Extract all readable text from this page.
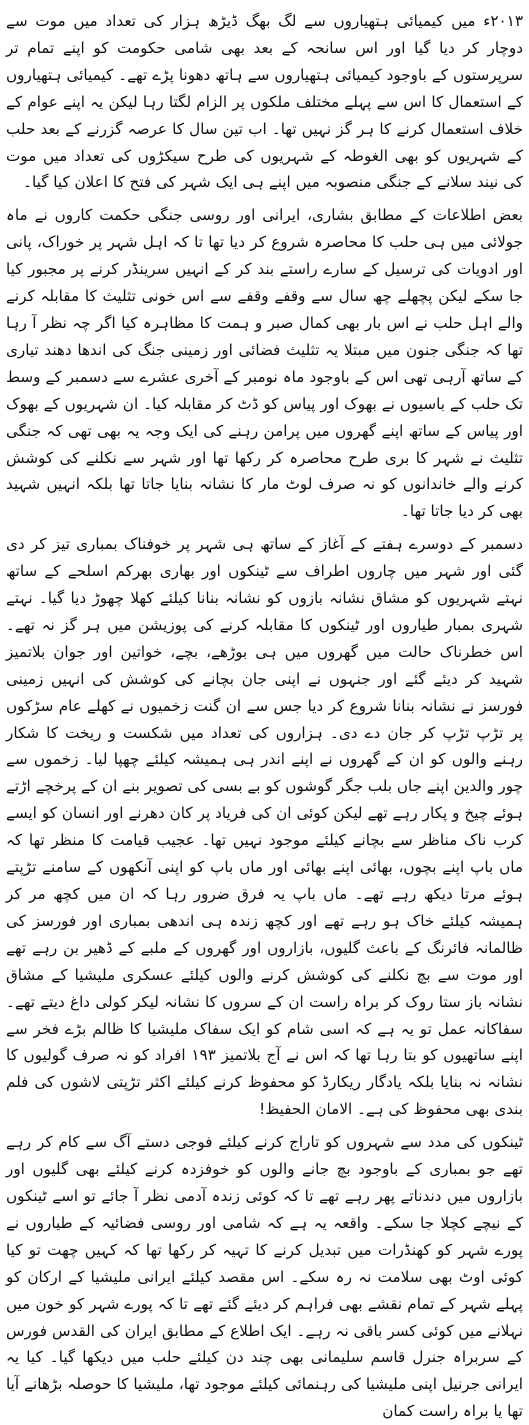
۲۰۱۳ء میں کیمیائی ہتھیاروں سے لگ بھگ ڈیڑھ ہزار کی تعداد میں موت سے دوچار کر دیا گیا اور اس سانحہ کے بعد بھی شامی حکومت کو اپنے تمام تر سرپرستوں کے باوجود کیمیائی ہتھیاروں سے ہاتھ دھونا پڑے تھے۔ کیمیائی ہتھیاروں کے استعمال کا اس سے پہلے مختلف ملکوں پر الزام لگتا رہا لیکن یہ اپنے عوام کے خلاف استعمال کرنے کا ہر گز نہیں تھا۔ اب تین سال کا عرصہ گزرنے کے بعد حلب کے شہریوں کو بھی الغوطہ کے شہریوں کی طرح سیکڑوں کی تعداد میں موت کی نیند سلانے کے جنگی منصوبہ میں اپنے ہی ایک شہر کی فتح کا اعلان کیا گیا۔

بعض اطلاعات کے مطابق بشاری، ایرانی اور روسی جنگی حکمت کاروں نے ماہ جولائی میں ہی حلب کا محاصرہ شروع کر دیا تھا تا کہ اہل شہر پر خوراک، پانی اور ادویات کی ترسیل کے سارے راستے بند کر کے انہیں سرینڈر کرنے پر مجبور کیا جا سکے لیکن پچھلے چھ سال سے وقفے وقفے سے اس خونی تثلیث کا مقابلہ کرنے والے اہل حلب نے اس بار بھی کمال صبر و ہمت کا مظاہرہ کیا اگر چہ نظر آ رہا تھا کہ جنگی جنون میں مبتلا یہ تثلیث فضائی اور زمینی جنگ کی اندھا دھند تیاری کے ساتھ آرہی تھی اس کے باوجود ماہ نومبر کے آخری عشرے سے دسمبر کے وسط تک حلب کے باسیوں نے بھوک اور پیاس کو ڈٹ کر مقابلہ کیا۔ ان شہریوں کے بھوک اور پیاس کے ساتھ اپنے گھروں میں پرامن رہنے کی ایک وجہ یہ بھی تھی کہ جنگی تثلیث نے شہر کا بری طرح محاصرہ کر رکھا تھا اور شہر سے نکلنے کی کوشش کرنے والے خاندانوں کو نہ صرف لوٹ مار کا نشانہ بنایا جاتا تھا بلکہ انہیں شہید بھی کر دیا جاتا تھا۔

دسمبر کے دوسرے ہفتے کے آغاز کے ساتھ ہی شہر پر خوفناک بمباری تیز کر دی گئی اور شہر میں چاروں اطراف سے ٹینکوں اور بھاری بھرکم اسلحے کے ساتھ نہتے شہریوں کو مشاق نشانہ بازوں کو نشانہ بنانا کیلئے کھلا چھوڑ دیا گیا۔ نہتے شہری بمبار طیاروں اور ٹینکوں کا مقابلہ کرنے کی پوزیشن میں ہر گز نہ تھے۔ اس خطرناک حالت میں گھروں میں ہی بوڑھے، بچے، خواتین اور جوان بلاتمیز شہید کر دیئے گئے اور جنہوں نے اپنی جان بچانے کی کوشش کی انہیں زمینی فورسز نے نشانہ بنانا شروع کر دیا جس سے ان گنت زخمیوں نے کھلے عام سڑکوں پر تڑپ تڑپ کر جان دے دی۔ ہزاروں کی تعداد میں شکست و ریخت کا شکار رہنے والوں کو ان کے گھروں نے اپنے اندر ہی ہمیشہ کیلئے چھپا لیا۔ زخموں سے چور والدین اپنے جاں بلب جگر گوشوں کو بے بسی کی تصویر بنے ان کے پرخچے اڑتے ہوئے چیخ و پکار رہے تھے لیکن کوئی ان کی فریاد پر کان دھرنے اور انسان کو ایسے کرب ناک مناظر سے بچانے کیلئے موجود نہیں تھا۔ عجیب قیامت کا منظر تھا کہ ماں باپ اپنے بچوں، بھائی اپنے بھائی اور ماں باپ کو اپنی آنکھوں کے سامنے تڑپتے ہوئے مرتا دیکھ رہے تھے۔ ماں باپ یہ فرق ضرور رہا کہ ان میں کچھ مر کر ہمیشہ کیلئے خاک ہو رہے تھے اور کچھ زندہ ہی اندھی بمباری اور فورسز کی ظالمانہ فائرنگ کے باعث گلیوں، بازاروں اور گھروں کے ملبے کے ڈھیر بن رہے تھے اور موت سے بچ نکلنے کی کوشش کرنے والوں کیلئے عسکری ملیشیا کے مشاق نشانہ باز ستا روک کر براہ راست ان کے سروں کا نشانہ لیکر کولی داغ دیتے تھے۔ سفاکانہ عمل تو یہ ہے کہ اسی شام کو ایک سفاک ملیشیا کا ظالم بڑے فخر سے اپنے ساتھیوں کو بتا رہا تھا کہ اس نے آج بلاتمیز ۱۹۳ افراد کو نہ صرف گولیوں کا نشانہ نہ بنایا بلکہ یادگار ریکارڈ کو محفوظ کرنے کیلئے اکثر تڑپتی لاشوں کی فلم بندی بھی محفوظ کی ہے۔ الامان الحفیظ!

ٹینکوں کی مدد سے شہروں کو تاراج کرنے کیلئے فوجی دستے آگ سے کام کر رہے تھے جو بمباری کے باوجود بچ جانے والوں کو خوفزدہ کرنے کیلئے بھی گلیوں اور بازاروں میں دندناتے پھر رہے تھے تا کہ کوئی زندہ آدمی نظر آ جائے تو اسے ٹینکوں کے نیچے کچلا جا سکے۔ واقعہ یہ ہے کہ شامی اور روسی فضائیہ کے طیاروں نے پورے شہر کو کھنڈرات میں تبدیل کرنے کا تہیہ کر رکھا تھا کہ کہیں چھت تو کیا کوئی اوٹ بھی سلامت نہ رہ سکے۔ اس مقصد کیلئے ایرانی ملیشیا کے ارکان کو پہلے شہر کے تمام نقشے بھی فراہم کر دیئے گئے تھے تا کہ پورے شہر کو خون میں نہلانے میں کوئی کسر باقی نہ رہے۔ ایک اطلاع کے مطابق ایران کی القدس فورس کے سربراہ جنرل قاسم سلیمانی بھی چند دن کیلئے حلب میں دیکھا گیا۔ کیا یہ ایرانی جرنیل اپنی ملیشیا کی رہنمائی کیلئے موجود تھا، ملیشیا کا حوصلہ بڑھانے آیا تھا یا براہ راست کمان
